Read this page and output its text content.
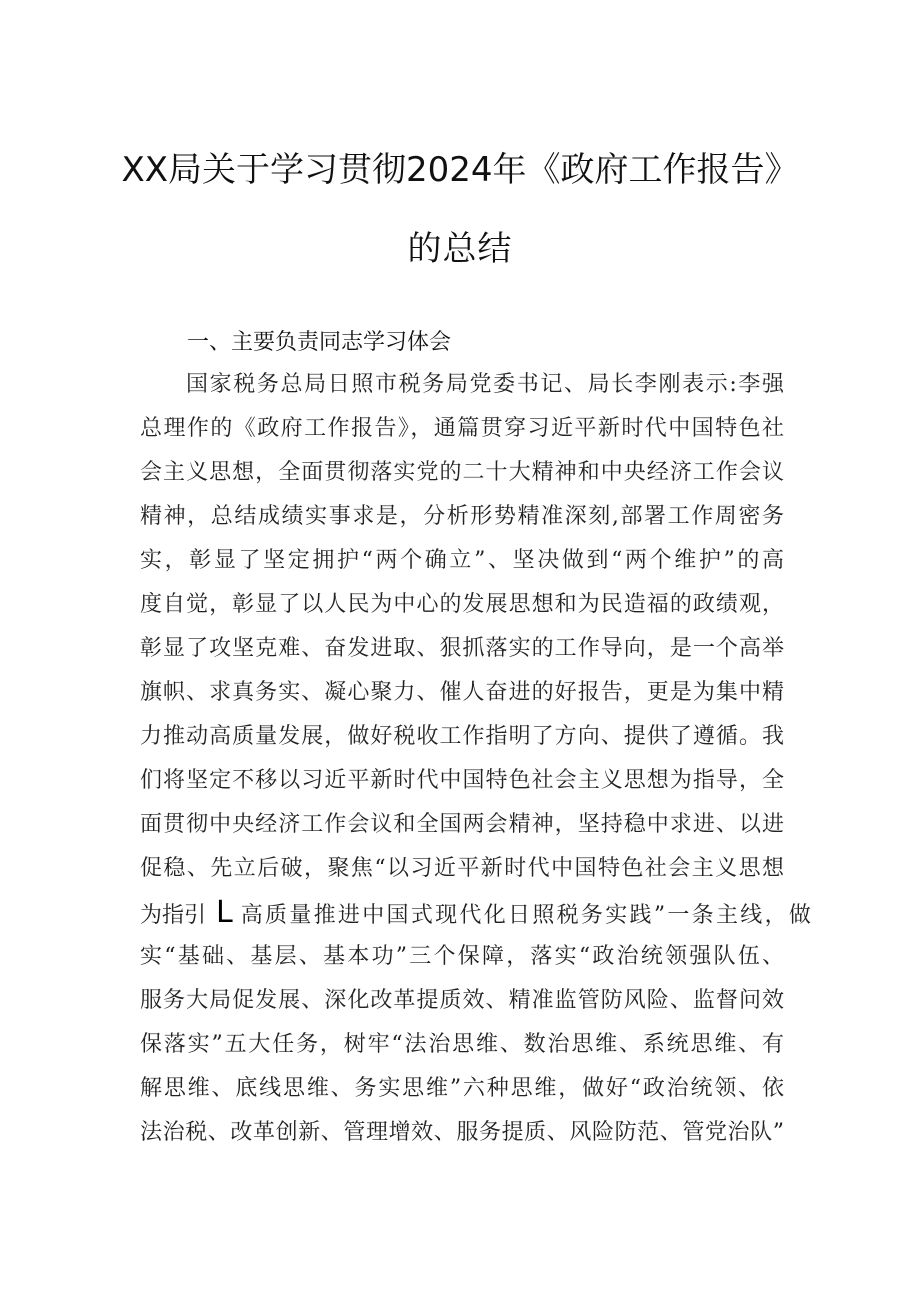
XX局关于学习贯彻2024年《政府工作报告》
的总结
一、主要负责同志学习体会
国家税务总局日照市税务局党委书记、局长李刚表示:李强
总理作的《政府工作报告》，通篇贯穿习近平新时代中国特色社
会主义思想，全面贯彻落实党的二十大精神和中央经济工作会议
精神，总结成绩实事求是，分析形势精准深刻,部署工作周密务
实，彰显了坚定拥护“两个确立”、坚决做到“两个维护”的高
度自觉，彰显了以人民为中心的发展思想和为民造福的政绩观，
彰显了攻坚克难、奋发进取、狠抓落实的工作导向，是一个高举
旗帜、求真务实、凝心聚力、催人奋进的好报告，更是为集中精
力推动高质量发展，做好税收工作指明了方向、提供了遵循。我
们将坚定不移以习近平新时代中国特色社会主义思想为指导，全
面贯彻中央经济工作会议和全国两会精神，坚持稳中求进、以进
促稳、先立后破，聚焦“以习近平新时代中国特色社会主义思想
为指引 L 高质量推进中国式现代化日照税务实践”一条主线，做
实“基础、基层、基本功”三个保障，落实“政治统领强队伍、
服务大局促发展、深化改革提质效、精准监管防风险、监督问效
保落实”五大任务，树牢“法治思维、数治思维、系统思维、有
解思维、底线思维、务实思维”六种思维，做好“政治统领、依
法治税、改革创新、管理增效、服务提质、风险防范、管党治队”
